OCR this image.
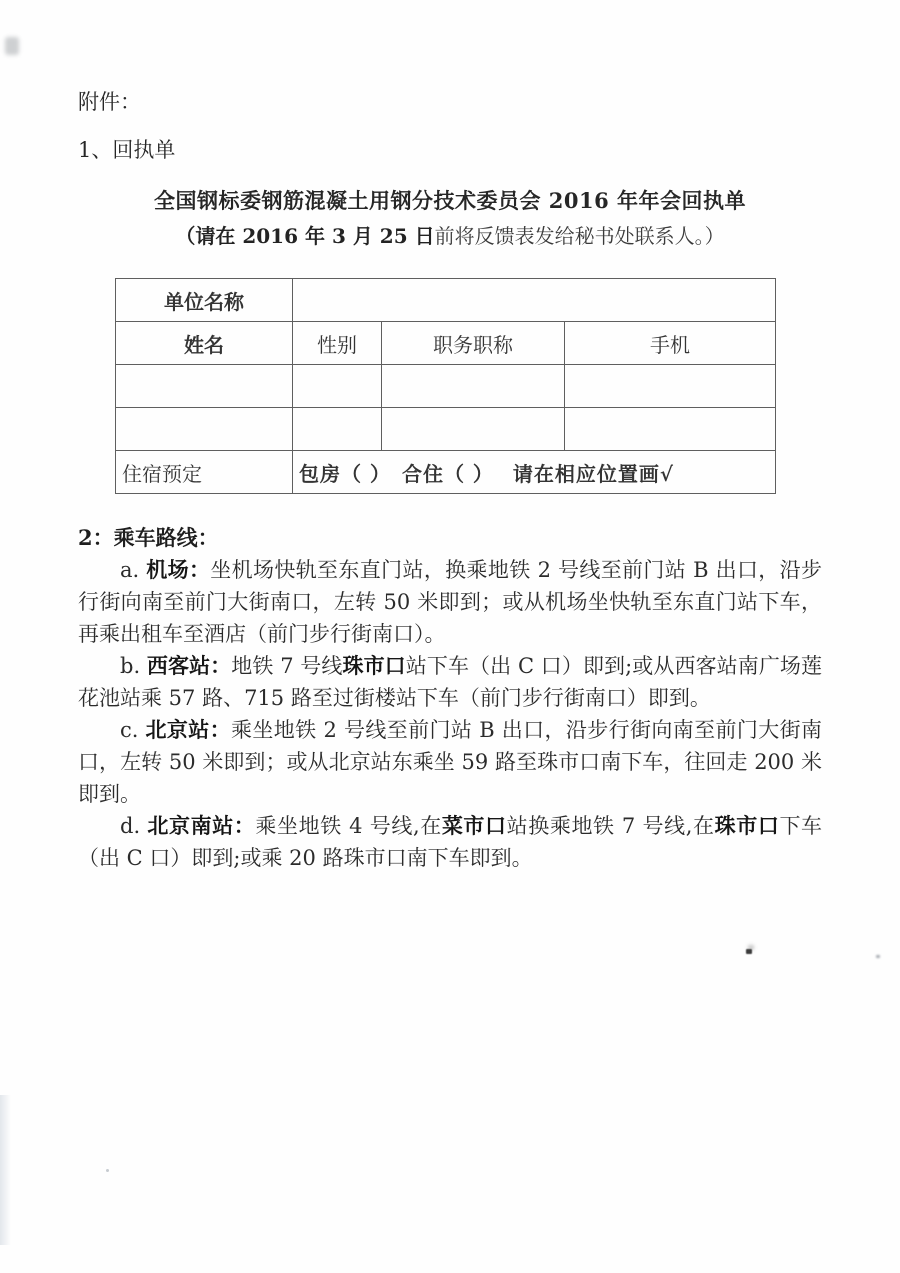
附件：

1、回执单

全国钢标委钢筋混凝土用钢分技术委员会 2016 年年会回执单

（请在 2016 年 3 月 25 日前将反馈表发给秘书处联系人。）

单位名称			
姓名	性别	职务职称	手机

住宿预定	包房（ ）　合住（ ）　 请在相应位置画√		

2：乘车路线：

a. 机场：坐机场快轨至东直门站，换乘地铁 2 号线至前门站 B 出口，沿步行街向南至前门大街南口，左转 50 米即到；或从机场坐快轨至东直门站下车，再乘出租车至酒店（前门步行街南口）。

b. 西客站：地铁 7 号线珠市口站下车（出 C 口）即到;或从西客站南广场莲花池站乘 57 路、715 路至过街楼站下车（前门步行街南口）即到。

c. 北京站：乘坐地铁 2 号线至前门站 B 出口，沿步行街向南至前门大街南口，左转 50 米即到；或从北京站东乘坐 59 路至珠市口南下车，往回走 200 米即到。

d. 北京南站：乘坐地铁 4 号线,在菜市口站换乘地铁 7 号线,在珠市口下车（出 C 口）即到;或乘 20 路珠市口南下车即到。
